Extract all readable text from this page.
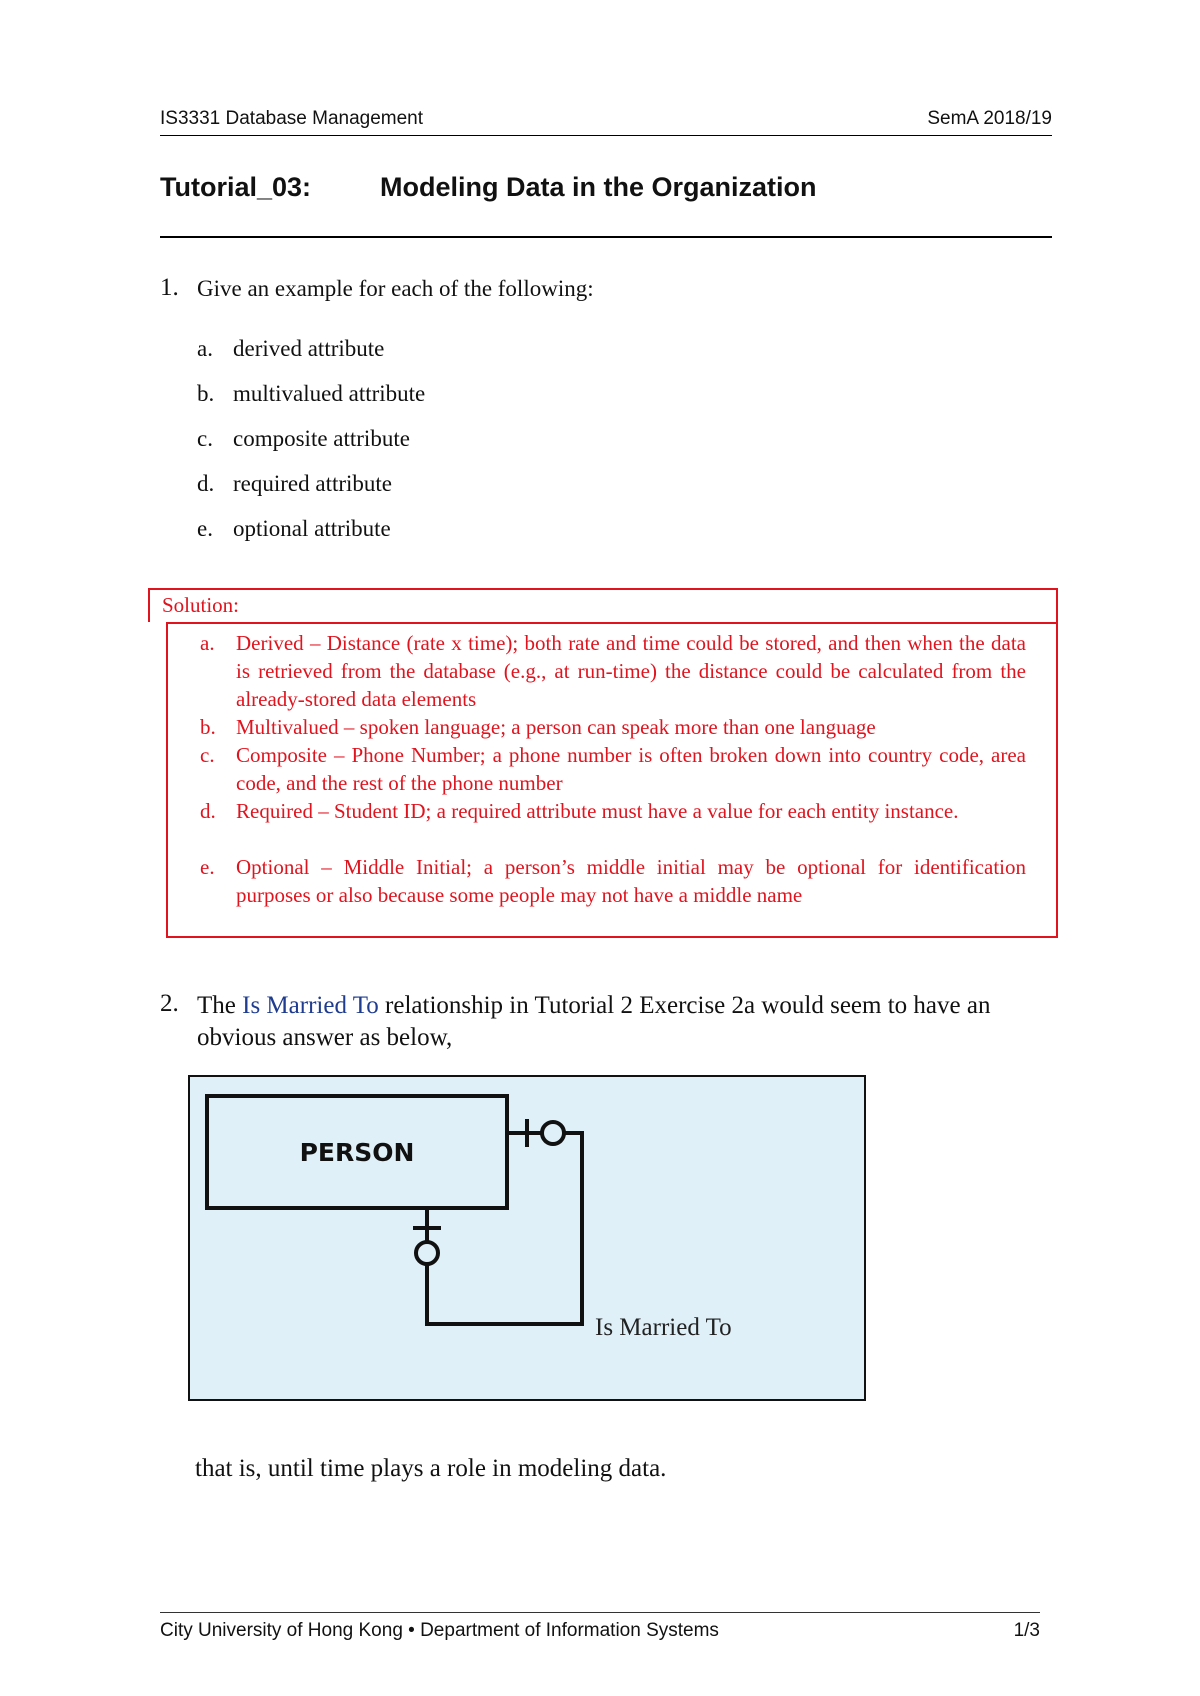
IS3331 Database Management	SemA 2018/19
Tutorial_03:	Modeling Data in the Organization
1. Give an example for each of the following:
a. derived attribute
b. multivalued attribute
c. composite attribute
d. required attribute
e. optional attribute
Solution:
a. Derived – Distance (rate x time); both rate and time could be stored, and then when the data is retrieved from the database (e.g., at run-time) the distance could be calculated from the already-stored data elements
b. Multivalued – spoken language; a person can speak more than one language
c. Composite – Phone Number; a phone number is often broken down into country code, area code, and the rest of the phone number
d. Required – Student ID; a required attribute must have a value for each entity instance.
e. Optional – Middle Initial; a person’s middle initial may be optional for identification purposes or also because some people may not have a middle name
2. The Is Married To relationship in Tutorial 2 Exercise 2a would seem to have an obvious answer as below,
PERSON
Is Married To
that is, until time plays a role in modeling data.
City University of Hong Kong • Department of Information Systems	1/3
